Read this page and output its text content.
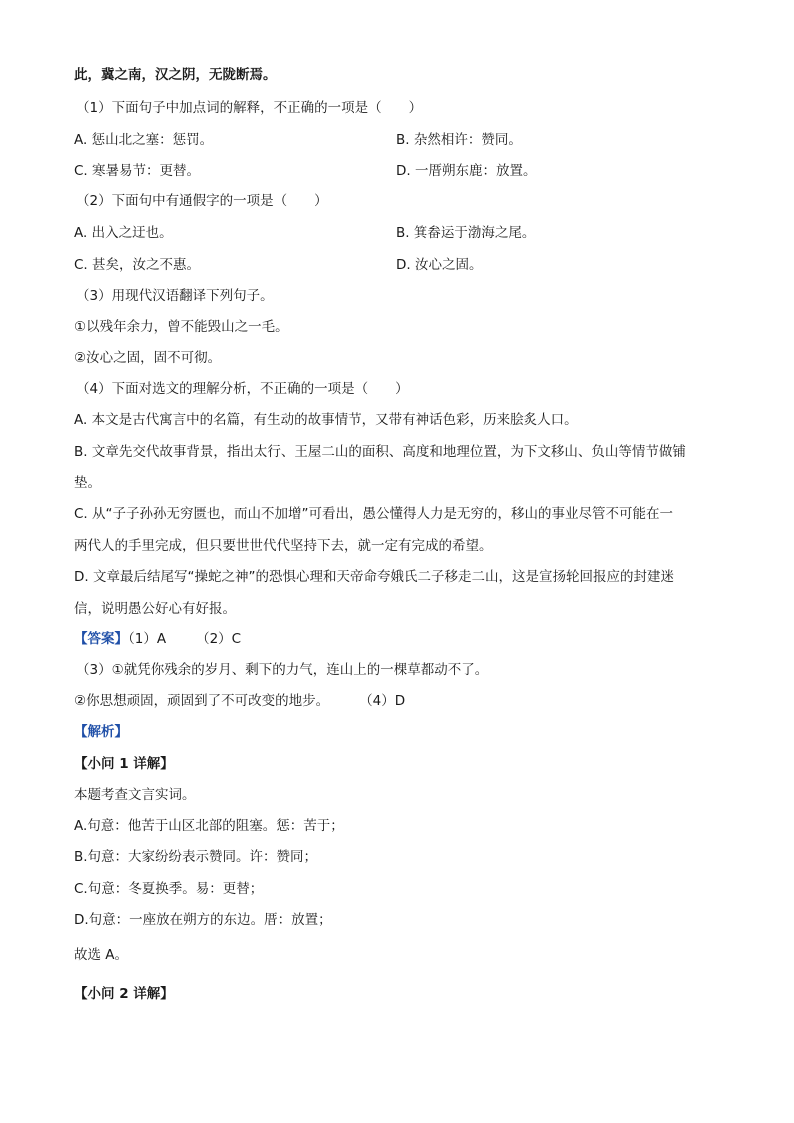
此，冀之南，汉之阴，无陇断焉。
（1）下面句子中加点词的解释，不正确的一项是（　　）
A. 惩山北之塞：惩罚。	B. 杂然相许：赞同。
C. 寒暑易节：更替。	D. 一厝朔东鹿：放置。
（2）下面句中有通假字的一项是（　　）
A. 出入之迂也。	B. 箕畚运于渤海之尾。
C. 甚矣，汝之不惠。	D. 汝心之固。
（3）用现代汉语翻译下列句子。
①以残年余力，曾不能毁山之一毛。
②汝心之固，固不可彻。
（4）下面对选文的理解分析，不正确的一项是（　　）
A. 本文是古代寓言中的名篇，有生动的故事情节，又带有神话色彩，历来脍炙人口。
B. 文章先交代故事背景，指出太行、王屋二山的面积、高度和地理位置，为下文移山、负山等情节做铺
垫。
C. 从“子子孙孙无穷匮也，而山不加增”可看出，愚公懂得人力是无穷的，移山的事业尽管不可能在一
两代人的手里完成，但只要世世代代坚持下去，就一定有完成的希望。
D. 文章最后结尾写“操蛇之神”的恐惧心理和天帝命夸娥氏二子移走二山，这是宣扬轮回报应的封建迷
信，说明愚公好心有好报。
【答案】（1）A （2）C
（3）①就凭你残余的岁月、剩下的力气，连山上的一棵草都动不了。
②你思想顽固，顽固到了不可改变的地步。 （4）D
【解析】
【小问 1 详解】
本题考查文言实词。
A.句意：他苦于山区北部的阻塞。惩：苦于；
B.句意：大家纷纷表示赞同。许：赞同；
C.句意：冬夏换季。易：更替；
D.句意：一座放在朔方的东边。厝：放置；
故选 A。
【小问 2 详解】
